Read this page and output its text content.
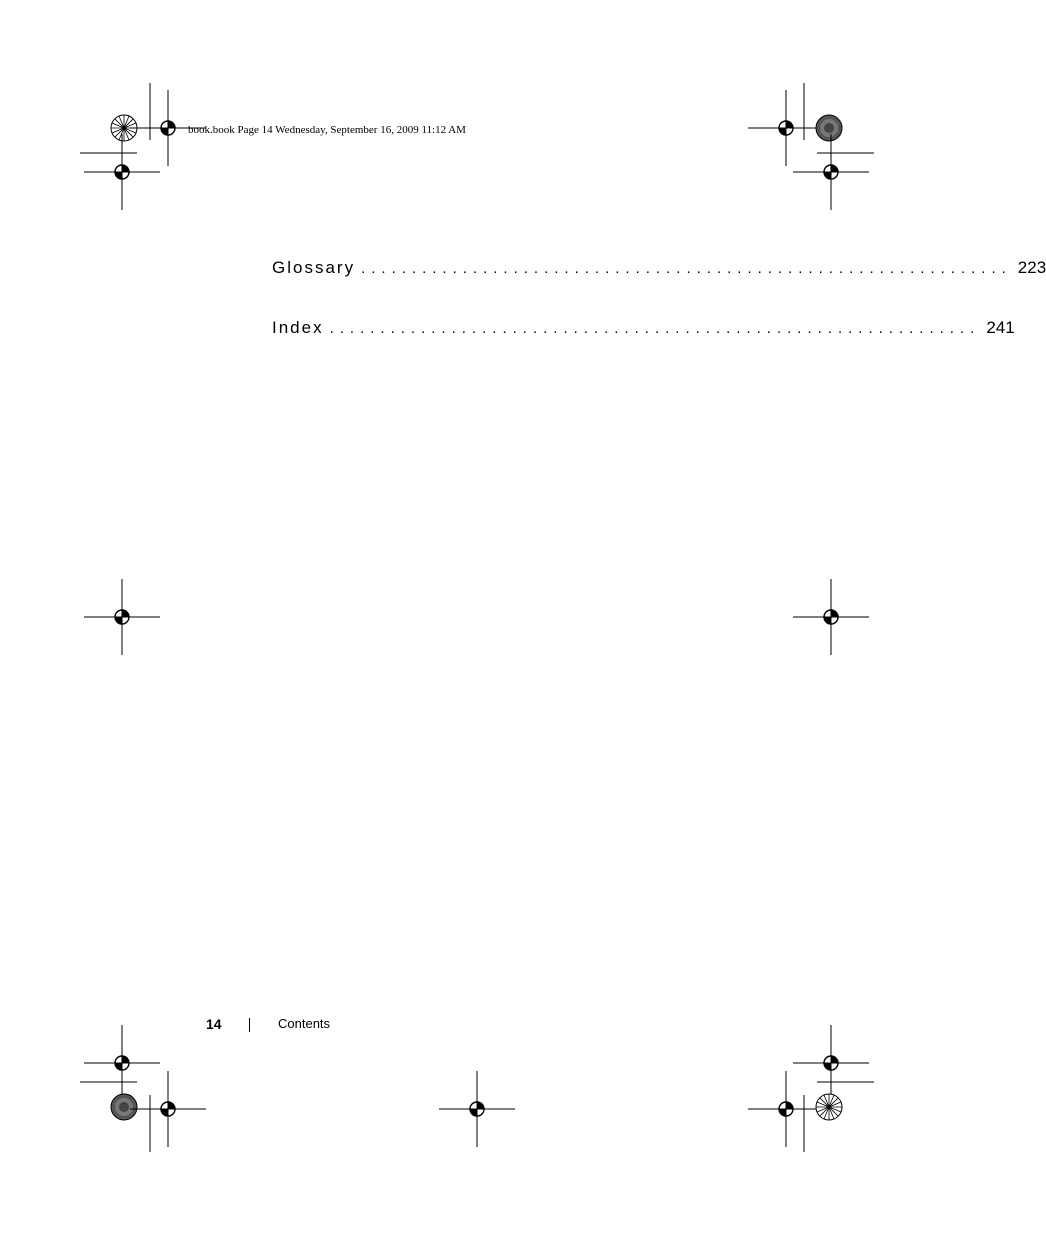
book.book Page 14 Wednesday, September 16, 2009 11:12 AM
Glossary ................................................................ 223
Index ................................................................ 241
14	Contents
